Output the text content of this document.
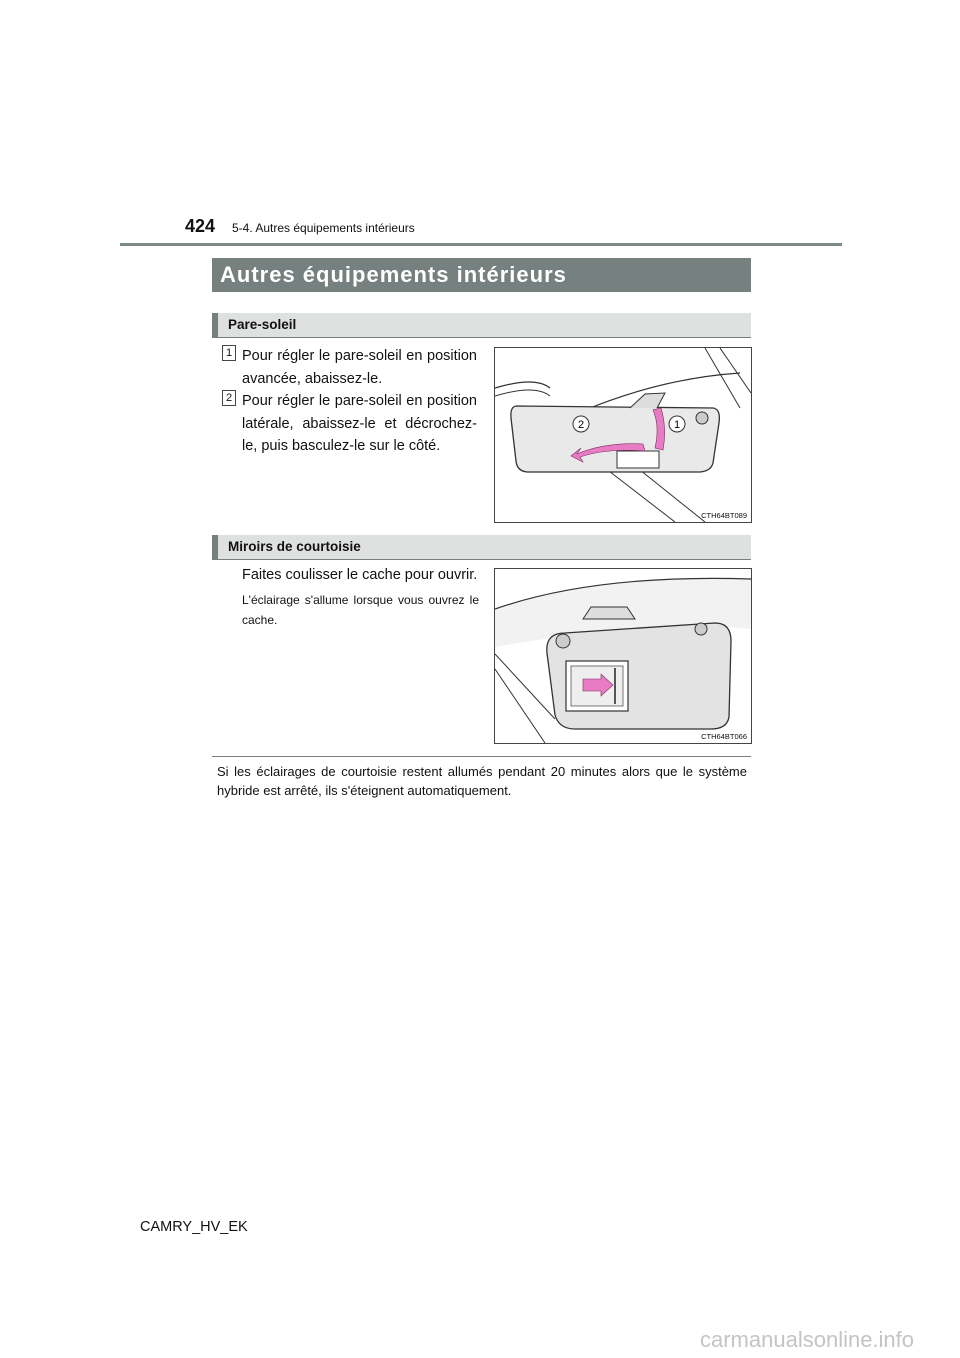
424 5-4. Autres équipements intérieurs
Autres équipements intérieurs
Pare-soleil
1 Pour régler le pare-soleil en position avancée, abaissez-le.
2 Pour régler le pare-soleil en position latérale, abaissez-le et décrochez-le, puis basculez-le sur le côté.
2	1
CTH64BT089
Miroirs de courtoisie
Faites coulisser le cache pour ouvrir.
L'éclairage s'allume lorsque vous ouvrez le cache.
CTH64BT066
Si les éclairages de courtoisie restent allumés pendant 20 minutes alors que le système hybride est arrêté, ils s'éteignent automatiquement.
CAMRY_HV_EK
carmanualsonline.info
